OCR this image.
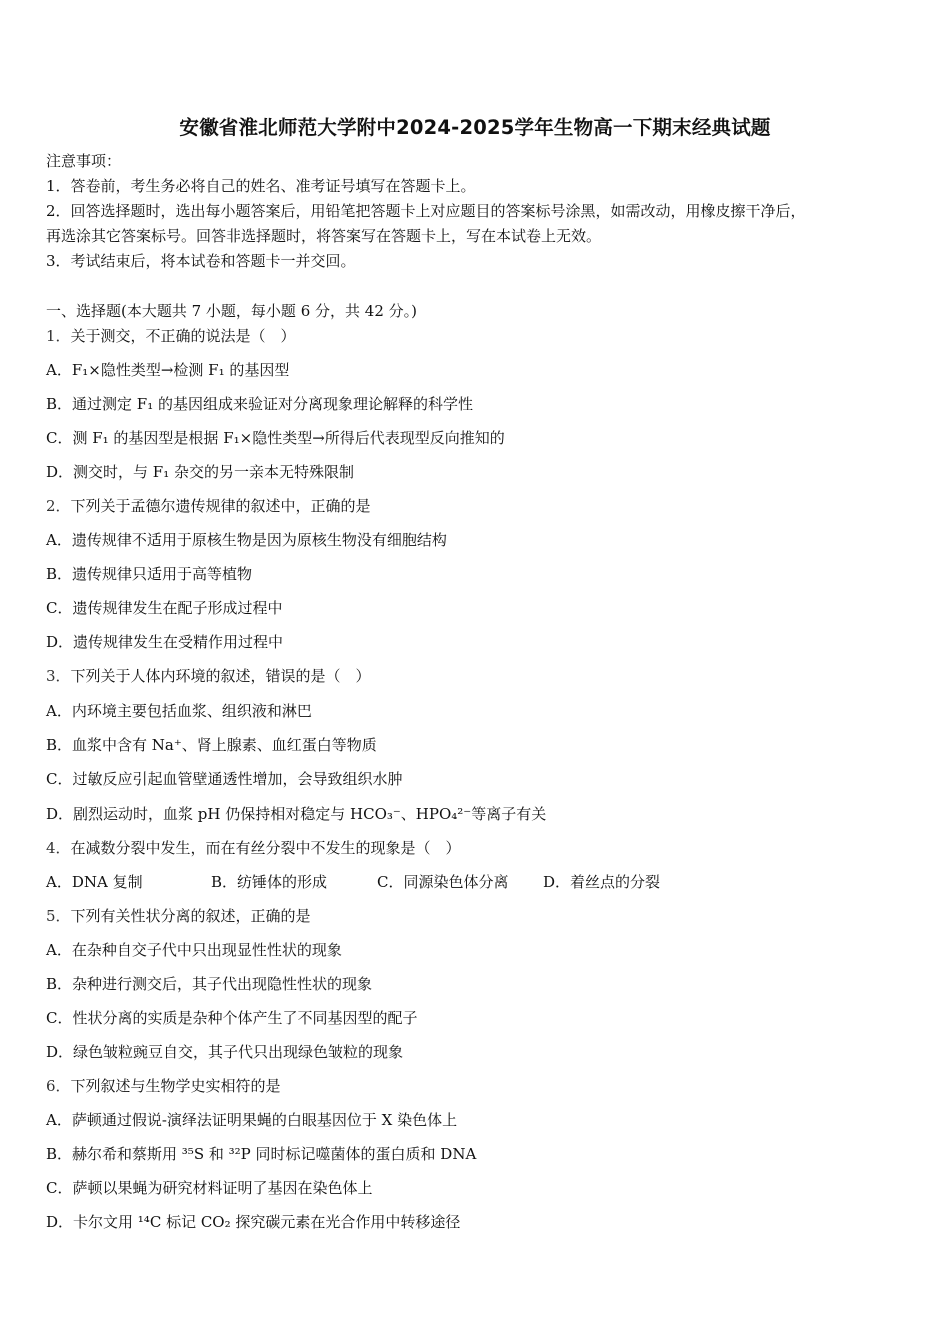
安徽省淮北师范大学附中2024-2025学年生物高一下期末经典试题
注意事项：
1．答卷前，考生务必将自己的姓名、准考证号填写在答题卡上。
2．回答选择题时，选出每小题答案后，用铅笔把答题卡上对应题目的答案标号涂黑，如需改动，用橡皮擦干净后，
再选涂其它答案标号。回答非选择题时，将答案写在答题卡上，写在本试卷上无效。
3．考试结束后，将本试卷和答题卡一并交回。
一、选择题(本大题共 7 小题，每小题 6 分，共 42 分。)
1．关于测交，不正确的说法是（　）
A．F₁×隐性类型→检测 F₁ 的基因型
B．通过测定 F₁ 的基因组成来验证对分离现象理论解释的科学性
C．测 F₁ 的基因型是根据 F₁×隐性类型→所得后代表现型反向推知的
D．测交时，与 F₁ 杂交的另一亲本无特殊限制
2．下列关于孟德尔遗传规律的叙述中，正确的是
A．遗传规律不适用于原核生物是因为原核生物没有细胞结构
B．遗传规律只适用于高等植物
C．遗传规律发生在配子形成过程中
D．遗传规律发生在受精作用过程中
3．下列关于人体内环境的叙述，错误的是（　）
A．内环境主要包括血浆、组织液和淋巴
B．血浆中含有 Na⁺、肾上腺素、血红蛋白等物质
C．过敏反应引起血管壁通透性增加，会导致组织水肿
D．剧烈运动时，血浆 pH 仍保持相对稳定与 HCO₃⁻、HPO₄²⁻等离子有关
4．在减数分裂中发生，而在有丝分裂中不发生的现象是（　）
A．DNA 复制	B．纺锤体的形成	C．同源染色体分离 D．着丝点的分裂
5．下列有关性状分离的叙述，正确的是
A．在杂种自交子代中只出现显性性状的现象
B．杂种进行测交后，其子代出现隐性性状的现象
C．性状分离的实质是杂种个体产生了不同基因型的配子
D．绿色皱粒豌豆自交，其子代只出现绿色皱粒的现象
6．下列叙述与生物学史实相符的是
A．萨顿通过假说-演绎法证明果蝇的白眼基因位于 X 染色体上
B．赫尔希和蔡斯用 ³⁵S 和 ³²P 同时标记噬菌体的蛋白质和 DNA
C．萨顿以果蝇为研究材料证明了基因在染色体上
D．卡尔文用 ¹⁴C 标记 CO₂ 探究碳元素在光合作用中转移途径
